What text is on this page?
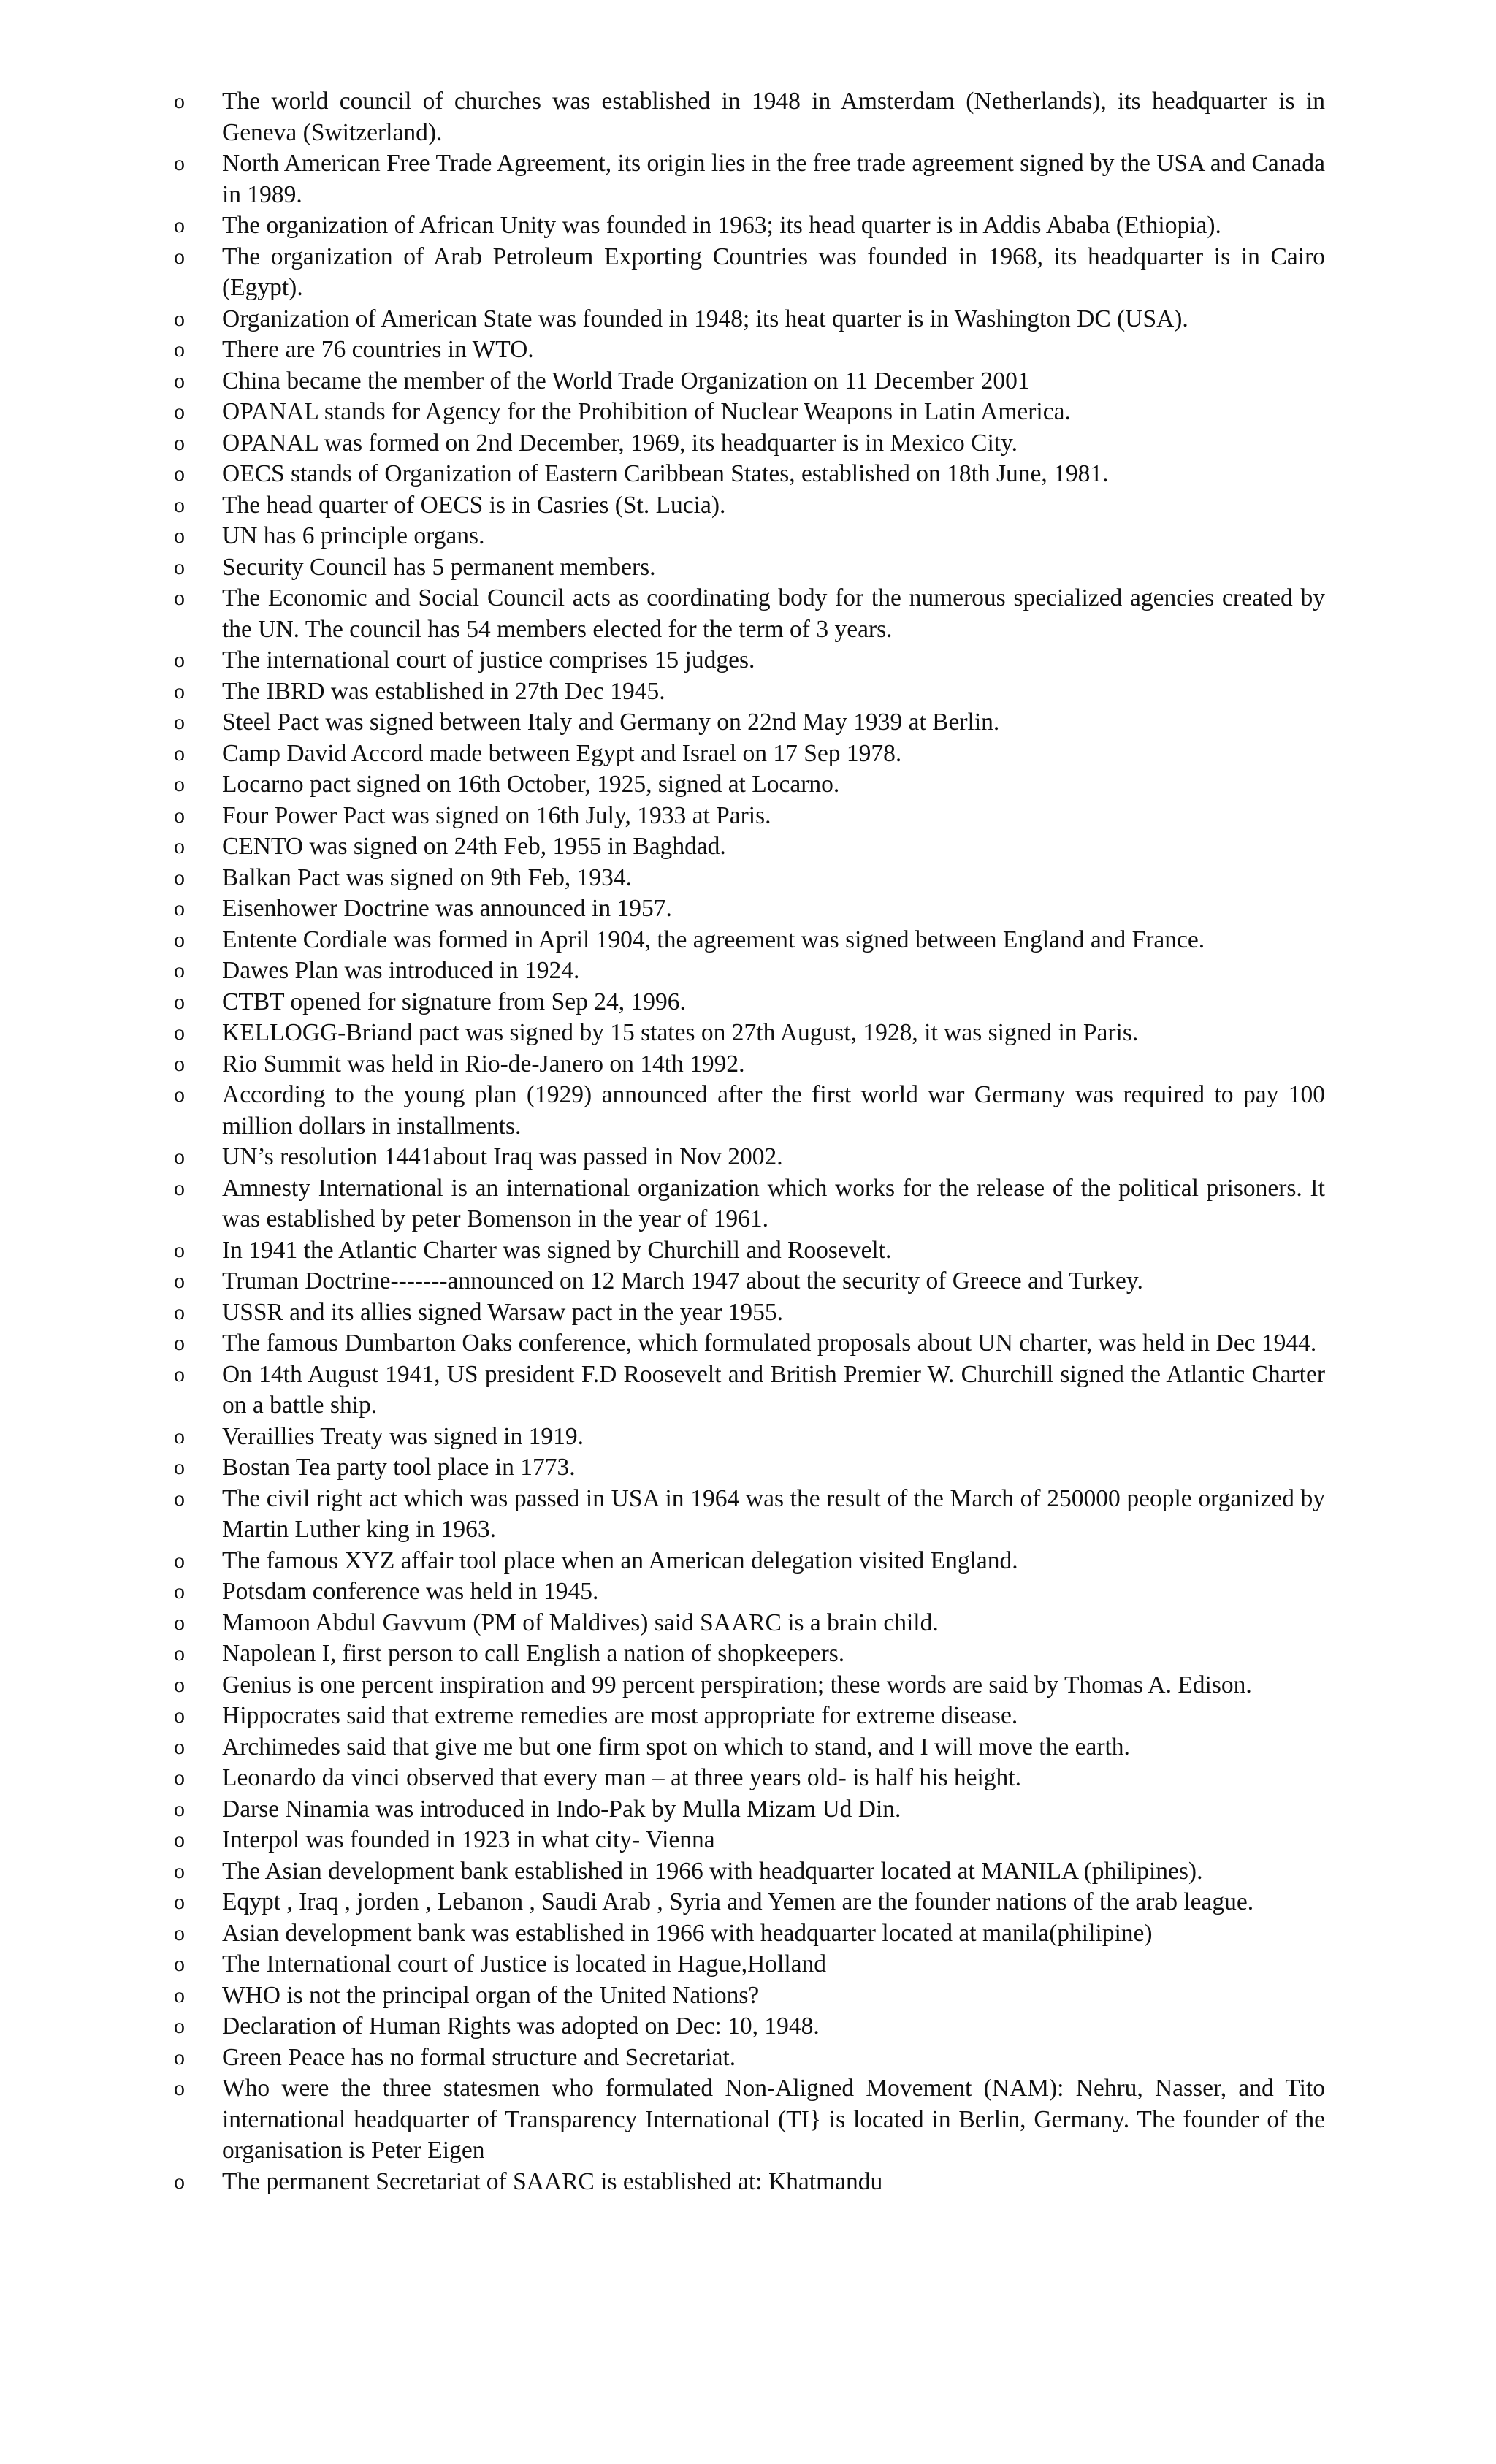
o	The world council of churches was established in 1948 in Amsterdam (Netherlands), its headquarter is in Geneva (Switzerland).
o	North American Free Trade Agreement, its origin lies in the free trade agreement signed by the USA and Canada in 1989.
o	The organization of African Unity was founded in 1963; its head quarter is in Addis Ababa (Ethiopia).
o	The organization of Arab Petroleum Exporting Countries was founded in 1968, its headquarter is in Cairo (Egypt).
o	Organization of American State was founded in 1948; its heat quarter is in Washington DC (USA).
o	There are 76 countries in WTO.
o	China became the member of the World Trade Organization on 11 December 2001
o	OPANAL stands for Agency for the Prohibition of Nuclear Weapons in Latin America.
o	OPANAL was formed on 2nd December, 1969, its headquarter is in Mexico City.
o	OECS stands of Organization of Eastern Caribbean States, established on 18th June, 1981.
o	The head quarter of OECS is in Casries (St. Lucia).
o	UN has 6 principle organs.
o	Security Council has 5 permanent members.
o	The Economic and Social Council acts as coordinating body for the numerous specialized agencies created by the UN. The council has 54 members elected for the term of 3 years.
o	The international court of justice comprises 15 judges.
o	The IBRD was established in 27th Dec 1945.
o	Steel Pact was signed between Italy and Germany on 22nd May 1939 at Berlin.
o	Camp David Accord made between Egypt and Israel on 17 Sep 1978.
o	Locarno pact signed on 16th October, 1925, signed at Locarno.
o	Four Power Pact was signed on 16th July, 1933 at Paris.
o	CENTO was signed on 24th Feb, 1955 in Baghdad.
o	Balkan Pact was signed on 9th Feb, 1934.
o	Eisenhower Doctrine was announced in 1957.
o	Entente Cordiale was formed in April 1904, the agreement was signed between England and France.
o	Dawes Plan was introduced in 1924.
o	CTBT opened for signature from Sep 24, 1996.
o	KELLOGG-Briand pact was signed by 15 states on 27th August, 1928, it was signed in Paris.
o	Rio Summit was held in Rio-de-Janero on 14th 1992.
o	According to the young plan (1929) announced after the first world war Germany was required to pay 100 million dollars in installments.
o	UN’s resolution 1441about Iraq was passed in Nov 2002.
o	Amnesty International is an international organization which works for the release of the political prisoners. It was established by peter Bomenson in the year of 1961.
o	In 1941 the Atlantic Charter was signed by Churchill and Roosevelt.
o	Truman Doctrine-------announced on 12 March 1947 about the security of Greece and Turkey.
o	USSR and its allies signed Warsaw pact in the year 1955.
o	The famous Dumbarton Oaks conference, which formulated proposals about UN charter, was held in Dec 1944.
o	On 14th August 1941, US president F.D Roosevelt and British Premier W. Churchill signed the Atlantic Charter on a battle ship.
o	Veraillies Treaty was signed in 1919.
o	Bostan Tea party tool place in 1773.
o	The civil right act which was passed in USA in 1964 was the result of the March of 250000 people organized by Martin Luther king in 1963.
o	The famous XYZ affair tool place when an American delegation visited England.
o	Potsdam conference was held in 1945.
o	Mamoon Abdul Gavvum (PM of Maldives) said SAARC is a brain child.
o	Napolean I, first person to call English a nation of shopkeepers.
o	Genius is one percent inspiration and 99 percent perspiration; these words are said by Thomas A. Edison.
o	Hippocrates said that extreme remedies are most appropriate for extreme disease.
o	Archimedes said that give me but one firm spot on which to stand, and I will move the earth.
o	Leonardo da vinci observed that every man – at three years old- is half his height.
o	Darse Ninamia was introduced in Indo-Pak by Mulla Mizam Ud Din.
o	Interpol was founded in 1923 in what city- Vienna
o	The Asian development bank established in 1966 with headquarter located at MANILA (philipines).
o	Eqypt , Iraq , jorden , Lebanon , Saudi Arab , Syria and Yemen are the founder nations of the arab league.
o	Asian development bank was established in 1966 with headquarter located at manila(philipine)
o	The International court of Justice is located in Hague,Holland
o	WHO is not the principal organ of the United Nations?
o	Declaration of Human Rights was adopted on Dec: 10, 1948.
o	Green Peace has no formal structure and Secretariat.
o	Who were the three statesmen who formulated Non-Aligned Movement (NAM): Nehru, Nasser, and Tito international headquarter of Transparency International (TI} is located in Berlin, Germany. The founder of the organisation is Peter Eigen
o	The permanent Secretariat of SAARC is established at: Khatmandu
